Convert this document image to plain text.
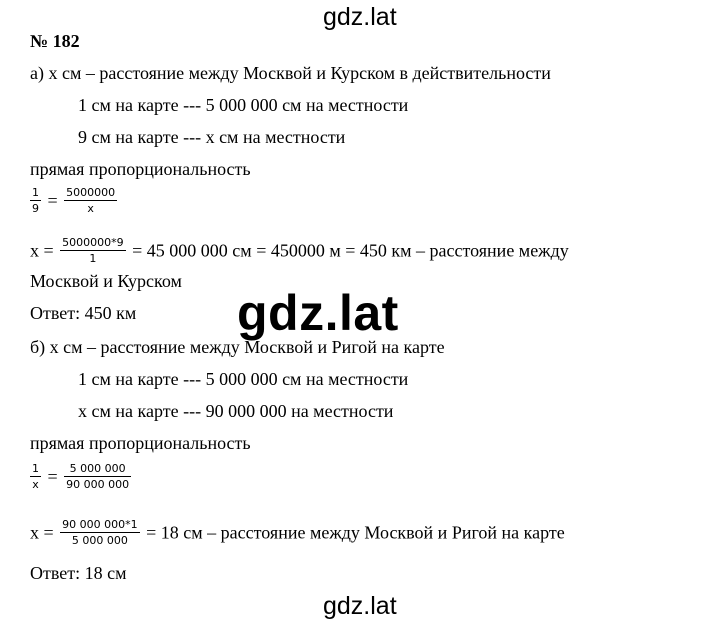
gdz.lat
gdz.lat
gdz.lat
№ 182
а) x см – расстояние между Москвой и Курском в действительности
1 см на карте --- 5 000 000 см на местности
9 см на карте --- x см на местности
прямая пропорциональность
$\frac{1}{9} = \frac{5000000}{x}$
$x = \frac{5000000*9}{1} = 45$ 000 000 см = 450000 м = 450 км – расстояние между
Москвой и Курском
Ответ: 450 км
б) x см – расстояние между Москвой и Ригой на карте
1 см на карте --- 5 000 000 см на местности
x см на карте --- 90 000 000 на местности
прямая пропорциональность
$\frac{1}{x} = \frac{5 000 000}{90 000 000}$
$x = \frac{90 000 000*1}{5 000 000} = 18$ см – расстояние между Москвой и Ригой на карте
Ответ: 18 см
